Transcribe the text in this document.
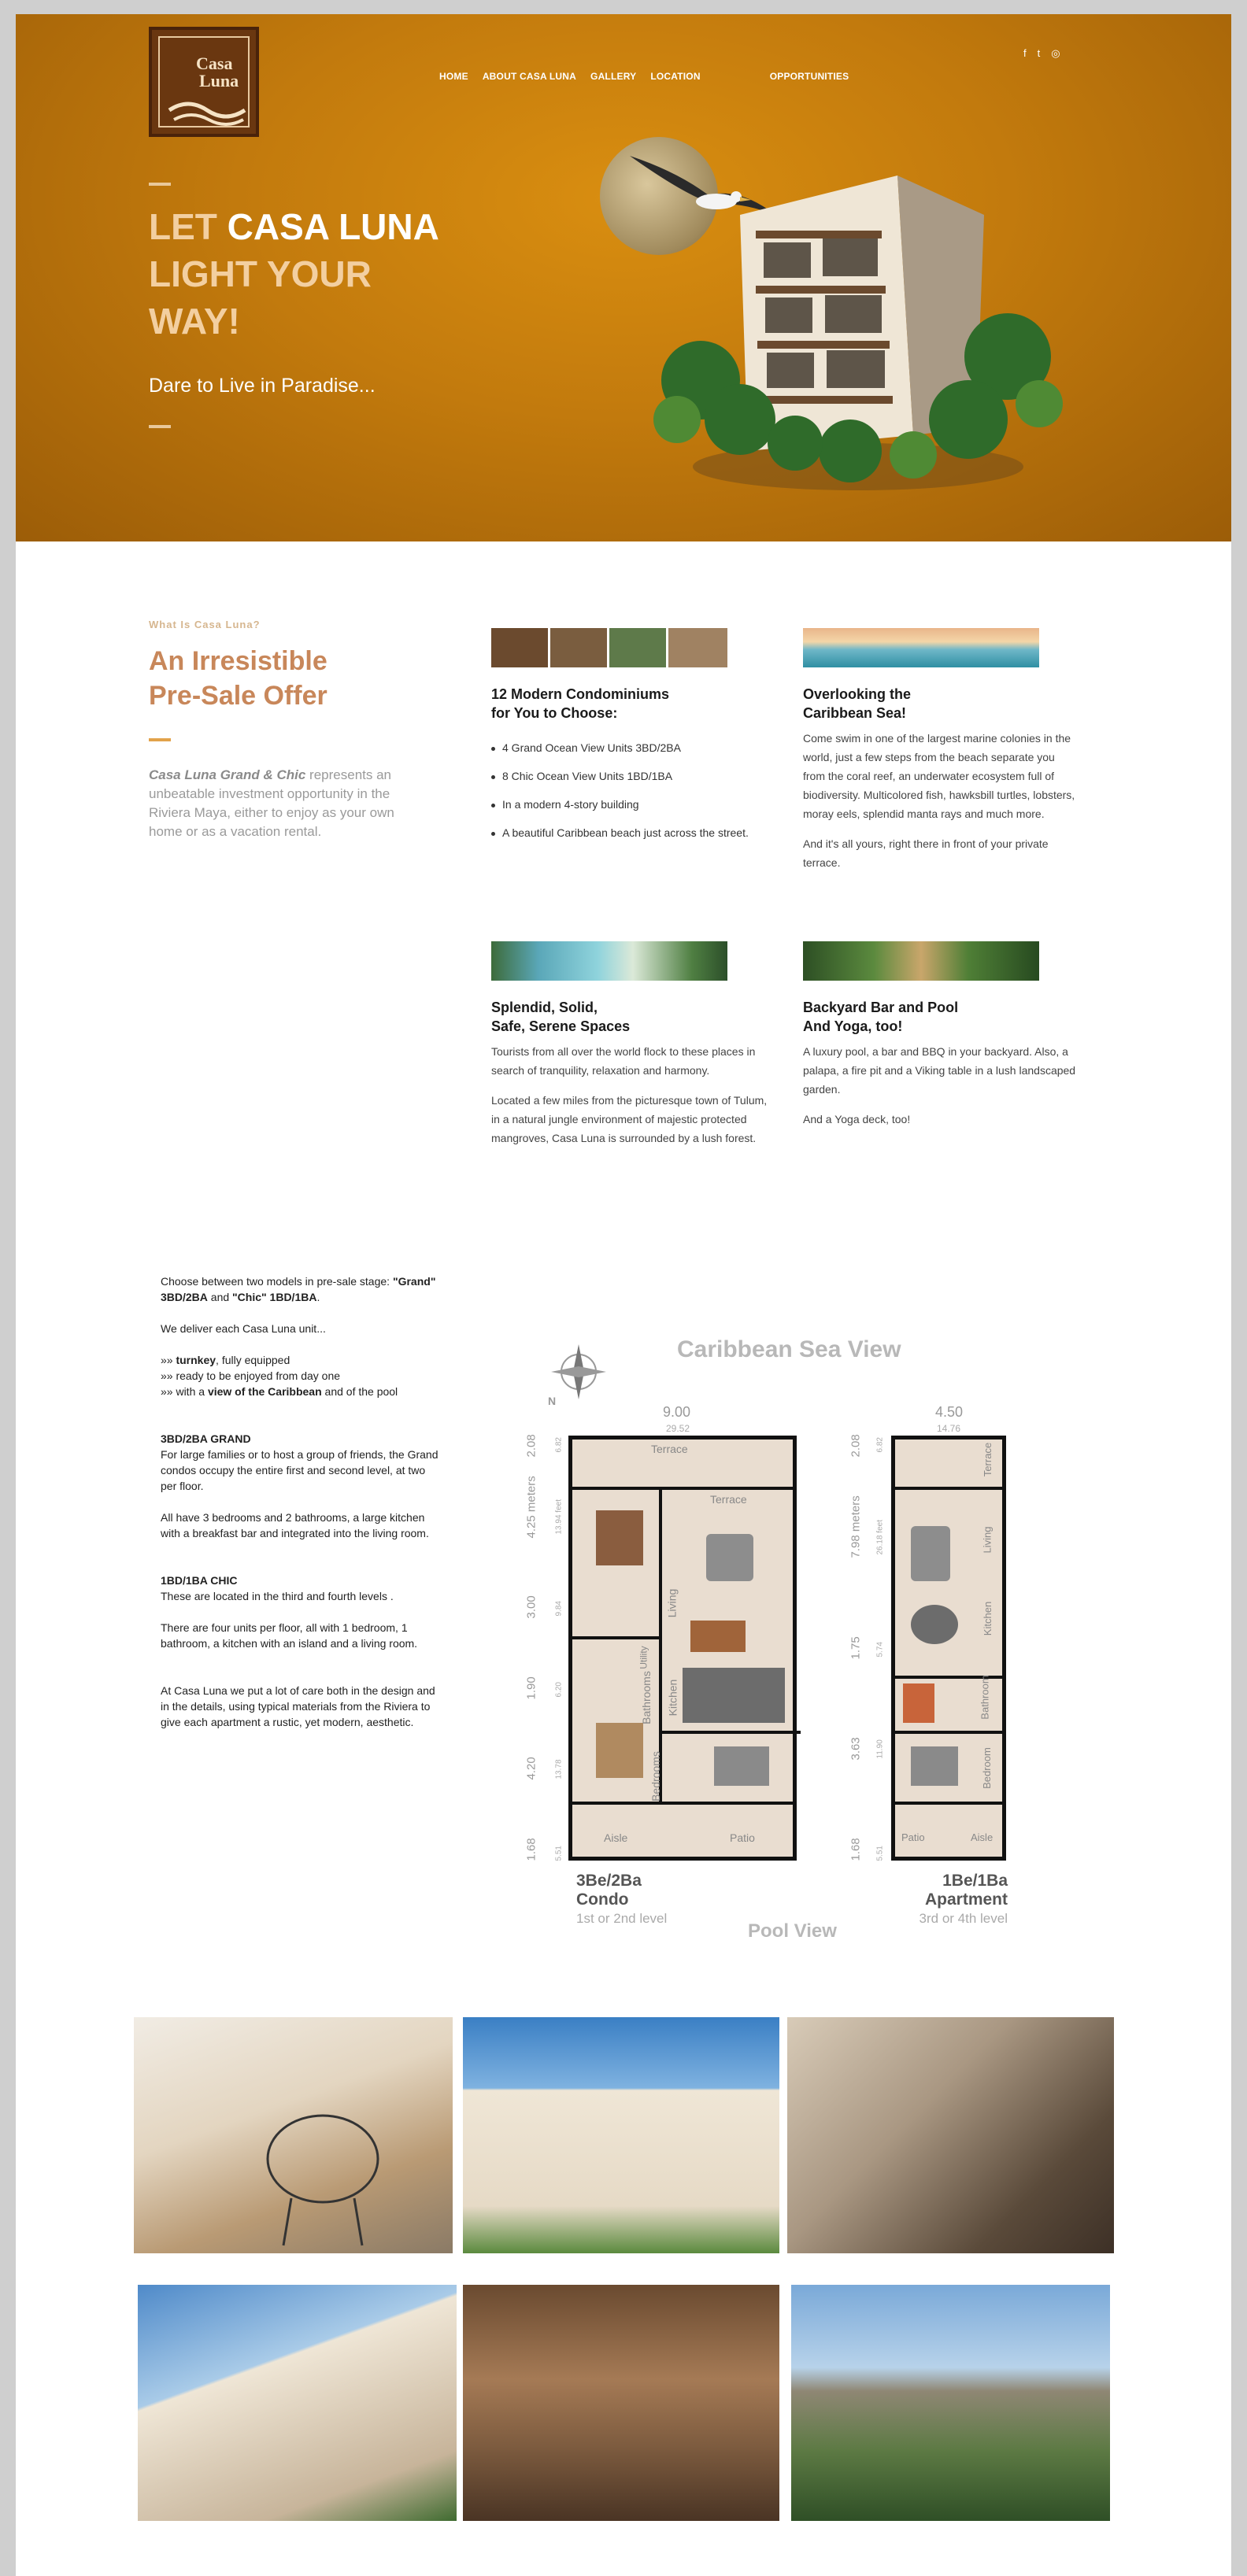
Casa
Luna	HOME ABOUT CASA LUNA GALLERY LOCATION	OPPORTUNITIES
f t ◎
LET CASA LUNA
LIGHT YOUR
WAY!
Dare to Live in Paradise...
What Is Casa Luna?
An Irresistible
Pre-Sale Offer

Casa Luna Grand & Chic represents an unbeatable investment opportunity in the Riviera Maya, either to enjoy as your own home or as a vacation rental.

12 Modern Condominiums
for You to Choose:
4 Grand Ocean View Units 3BD/2BA
8 Chic Ocean View Units 1BD/1BA
In a modern 4-story building
A beautiful Caribbean beach just across the street.
Overlooking the
Caribbean Sea!

Come swim in one of the largest marine colonies in the world, just a few steps from the beach separate you from the coral reef, an underwater ecosystem full of biodiversity. Multicolored fish, hawksbill turtles, lobsters, moray eels, splendid manta rays and much more.

And it's all yours, right there in front of your private terrace.

Splendid, Solid,
Safe, Serene Spaces

Tourists from all over the world flock to these places in search of tranquility, relaxation and harmony.

Located a few miles from the picturesque town of Tulum, in a natural jungle environment of majestic protected mangroves, Casa Luna is surrounded by a lush forest.

Backyard Bar and Pool
And Yoga, too!

A luxury pool, a bar and BBQ in your backyard. Also, a palapa, a fire pit and a Viking table in a lush landscaped garden.

And a Yoga deck, too!

Choose between two models in pre-sale stage: "Grand" 3BD/2BA and "Chic" 1BD/1BA.

We deliver each Casa Luna unit...

»» turnkey, fully equipped
»» ready to be enjoyed from day one
»» with a view of the Caribbean and of the pool

3BD/2BA GRAND

For large families or to host a group of friends, the Grand condos occupy the entire first and second level, at two per floor.

All have 3 bedrooms and 2 bathrooms, a large kitchen with a breakfast bar and integrated into the living room.

1BD/1BA CHIC

These are located in the third and fourth levels .

There are four units per floor, all with 1 bedroom, 1 bathroom, a kitchen with an island and a living room.

At Casa Luna we put a lot of care both in the design and in the details, using typical materials from the Riviera to give each apartment a rustic, yet modern, aesthetic.

N
Caribbean Sea View
9.00
29.52
4.50
14.76
2.08
4.25 meters
3.00
1.90
4.20
1.68
6.82
13.94 feet
9.84
6.20
13.78
5.51
Terrace
Terrace
Living
Utility
Bathrooms Kitchen
Bedrooms
Aisle	Patio
2.08
7.98 meters
1.75
3.63
1.68
6.82
26.18 feet
5.74
11.90
5.51
Terrace
Living
Kitchen
Bathroom
Bedroom
Patio	Aisle
3Be/2Ba
Condo
1st or 2nd level
1Be/1Ba
Apartment
3rd or 4th level
Pool View
